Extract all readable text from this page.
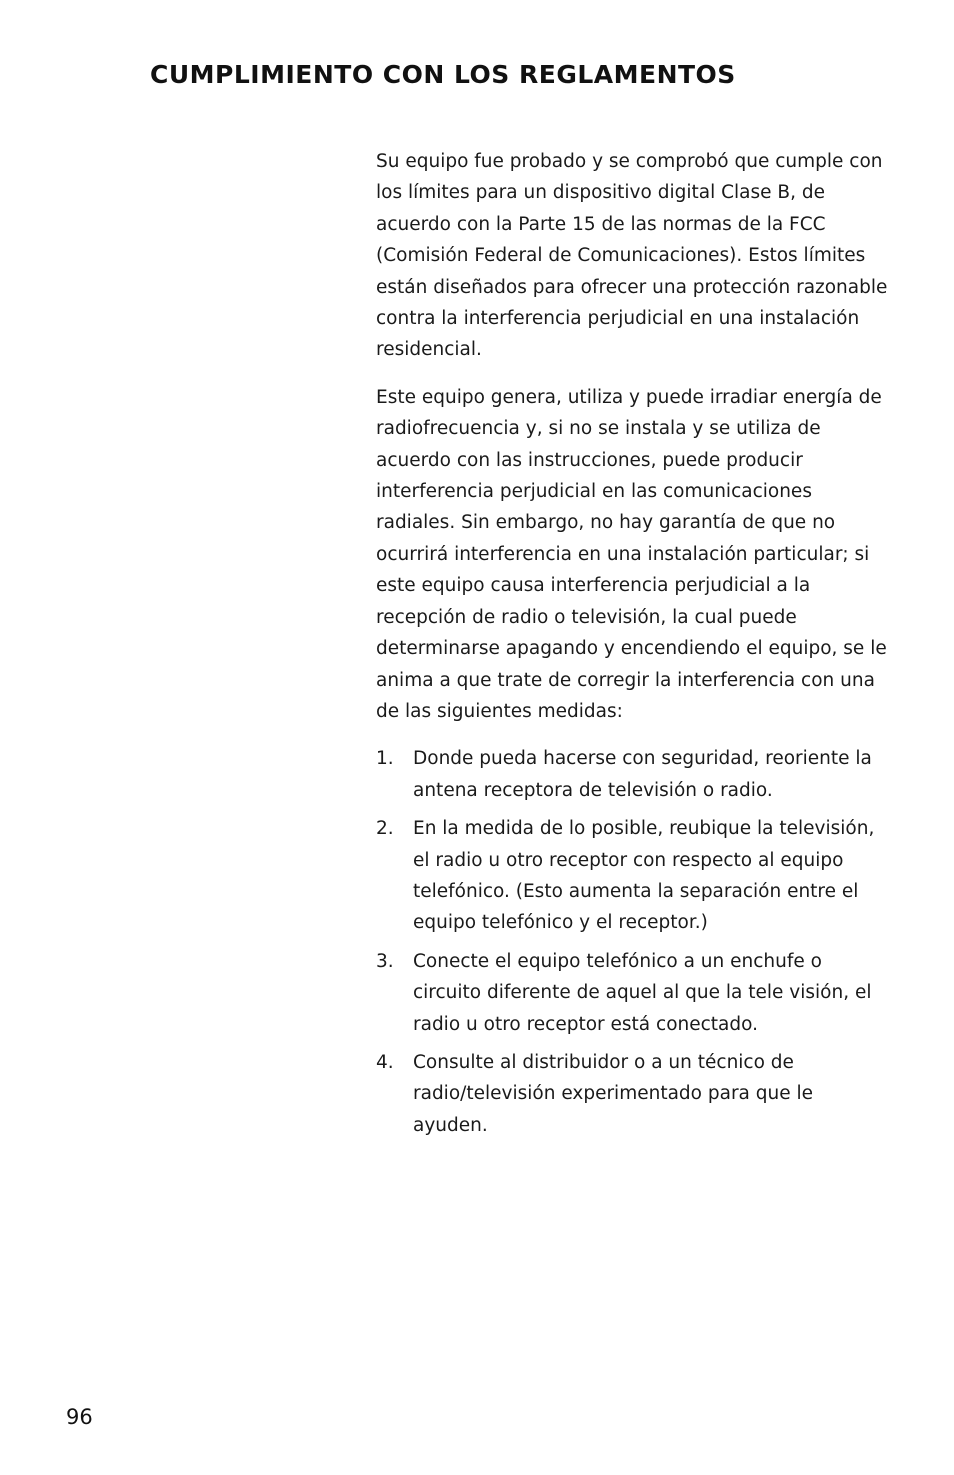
CUMPLIMIENTO CON LOS REGLAMENTOS

Su equipo fue probado y se comprobó que cumple con los límites para un dispositivo digital Clase B, de acuerdo con la Parte 15 de las normas de la FCC (Comisión Federal de Comunicaciones). Estos límites están diseñados para ofrecer una protección razonable contra la interferencia perjudicial en una instalación residencial.

Este equipo genera, utiliza y puede irradiar energía de radiofrecuencia y, si no se instala y se utiliza de acuerdo con las instrucciones, puede producir interferencia perjudicial en las comunicaciones radiales. Sin embargo, no hay garantía de que no ocurrirá interferencia en una instalación particular; si este equipo causa interferencia perjudicial a la recepción de radio o televisión, la cual puede determinarse apagando y encendiendo el equipo, se le anima a que trate de corregir la interferencia con una de las siguientes medidas:

1. Donde pueda hacerse con seguridad, reoriente la antena receptora de televisión o radio.
2. En la medida de lo posible, reubique la televisión, el radio u otro receptor con respecto al equipo telefónico. (Esto aumenta la separación entre el equipo telefónico y el receptor.)
3. Conecte el equipo telefónico a un enchufe o circuito diferente de aquel al que la tele visión, el radio u otro receptor está conectado.
4. Consulte al distribuidor o a un técnico de radio/televisión experimentado para que le ayuden.
96
